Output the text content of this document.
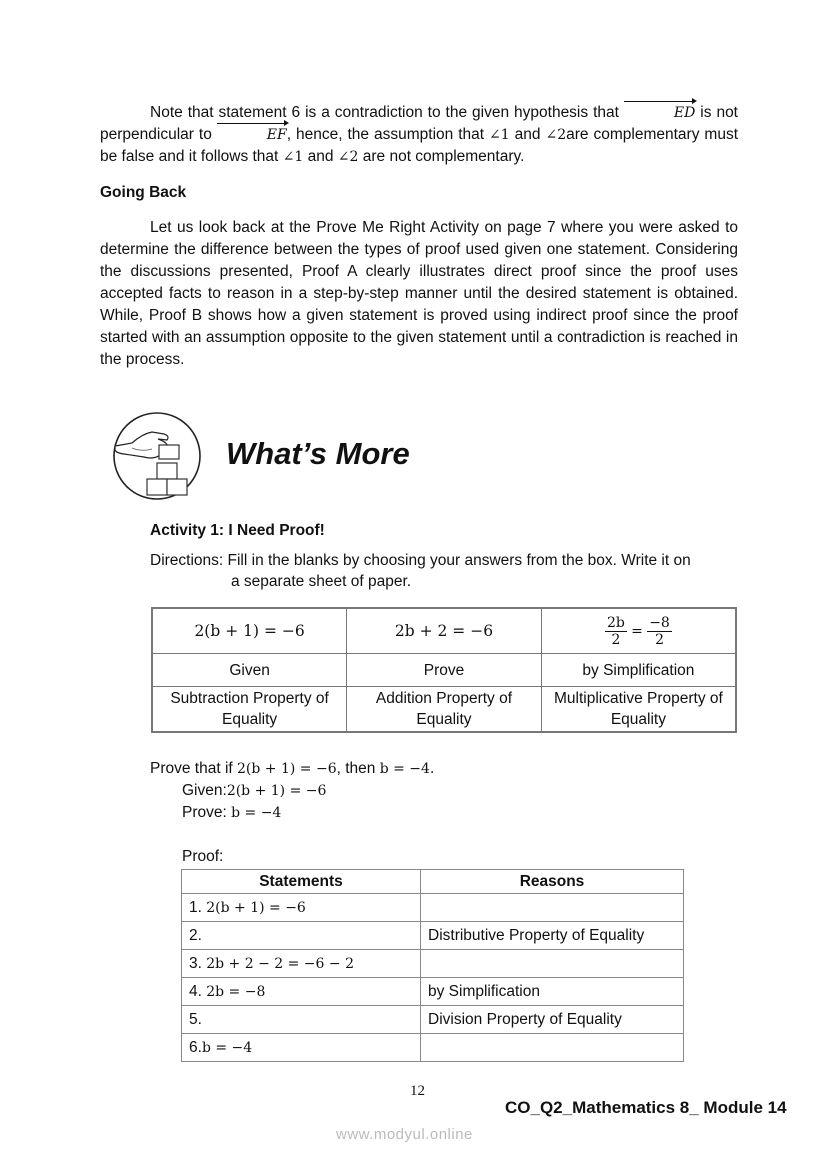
Note that statement 6 is a contradiction to the given hypothesis that	ED is not perpendicular to	EF, hence, the assumption that ∠1 and ∠2are complementary must be false and it follows that ∠1 and ∠2 are not complementary.
Going Back
Let us look back at the Prove Me Right Activity on page 7 where you were asked to determine the difference between the types of proof used given one statement. Considering the discussions presented, Proof A clearly illustrates direct proof since the proof uses accepted facts to reason in a step-by-step manner until the desired statement is obtained. While, Proof B shows how a given statement is proved using indirect proof since the proof started with an assumption opposite to the given statement until a contradiction is reached in the process.
What’s More
Activity 1: I Need Proof!
Directions: Fill in the blanks by choosing your answers from the box. Write it on
a separate sheet of paper.
2(b + 1) = −6	2b + 2 = −6	$\frac{2b}{2} = \frac{-8}{2}$

Given	Prove	by Simplification
Subtraction Property of Equality	Addition Property of Equality	Multiplicative Property of Equality
Prove that if 2(b + 1) = −6, then b = −4.
Given:2(b + 1) = −6
Prove: b = −4
Proof:
Statements	Reasons
1. 2(b + 1) = −6	
2.	Distributive Property of Equality
3. 2b + 2 − 2 = −6 − 2	
4. 2b = −8	by Simplification
5.	Division Property of Equality
6.b = −4	
12
CO_Q2_Mathematics 8_ Module 14
www.modyul.online
